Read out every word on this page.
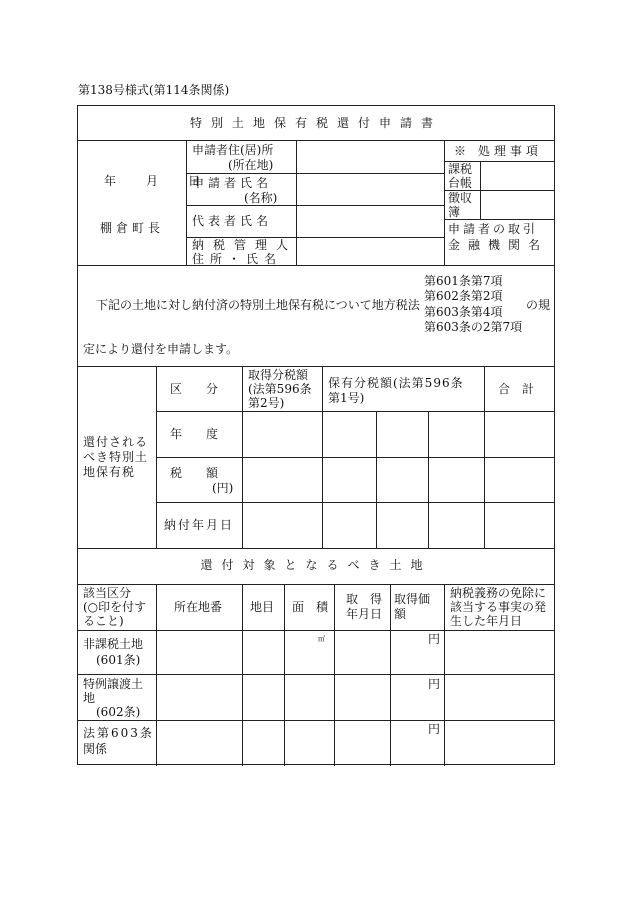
第138号様式(第114条関係)
特別土地保有税還付申請書
年　月　日
棚倉町長
申請者住(居)所
(所在地)
申請者氏名
(名称)
代表者氏名
納税管理人
住所・氏名
※ 処理事項
課税
台帳
徴収
簿
申請者の取引
金融機関名
下記の土地に対し納付済の特別土地保有税について地方税法
第601条第7項
第602条第2項
第603条第4項
第603条の2第7項
の規
定により還付を申請します。
還付される
べき特別土
地保有税
区　　分
取得分税額
(法第596条
第2号)
保有分税額(法第596条
第1号)
合　計
年　　度
税　　額
(円)
納付年月日
還付対象となるべき土地
該当区分
(○印を付す
ること)
所在地番 地目 面　積
取　得
年月日
取得価
額
納税義務の免除に
該当する事実の発
生した年月日
㎡	円
円
円
非課税土地
(601条)
特例譲渡土
地
(602条)
法第603条
関係
